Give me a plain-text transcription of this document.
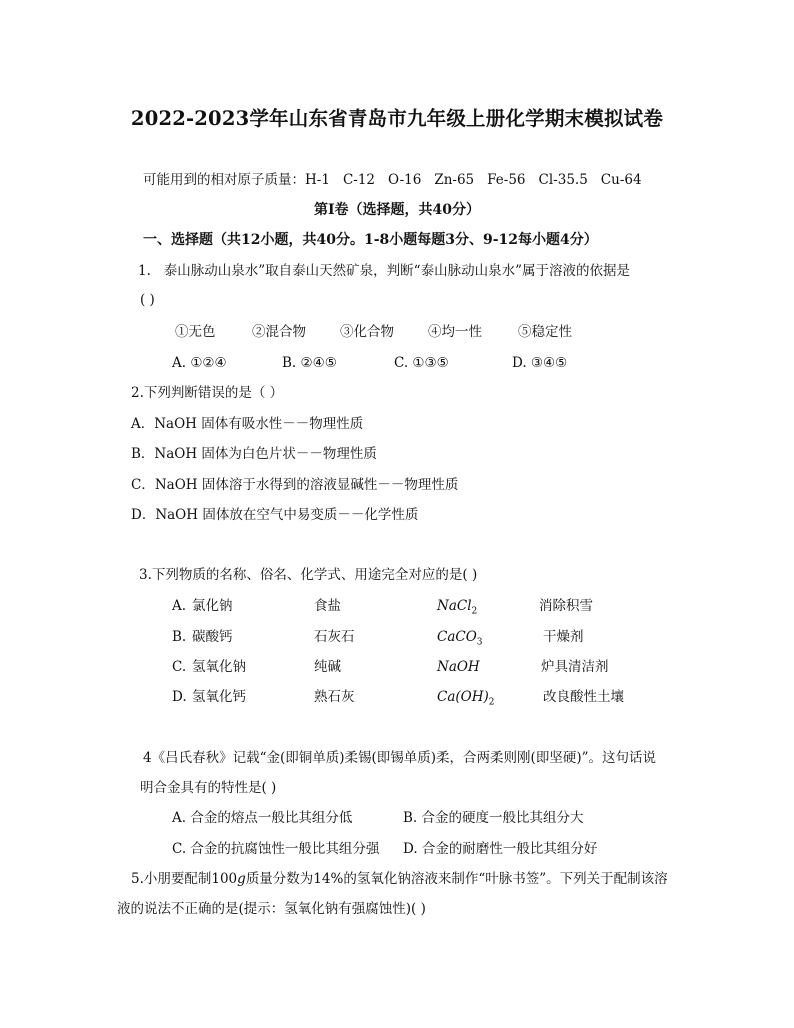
2022-2023学年山东省青岛市九年级上册化学期末模拟试卷
可能用到的相对原子质量：H-1 C-12 O-16 Zn-65 Fe-56 Cl-35.5 Cu-64
第Ⅰ卷（选择题，共40分）
一、选择题（共12小题，共40分。1-8小题每题3分、9-12每小题4分）
1. 泰山脉动山泉水”取自泰山天然矿泉，判断“泰山脉动山泉水”属于溶液的依据是
( )
①无色	②混合物	③化合物	④均一性	⑤稳定性
A. ①②④	B. ②④⑤	C. ①③⑤	D. ③④⑤
2.下列判断错误的是（ ）
A．NaOH 固体有吸水性－－物理性质
B．NaOH 固体为白色片状－－物理性质
C．NaOH 固体溶于水得到的溶液显碱性－－物理性质
D．NaOH 固体放在空气中易变质－－化学性质
3.下列物质的名称、俗名、化学式、用途完全对应的是( )
A. 氯化钠	食盐	NaCl$_2$	消除积雪
B. 碳酸钙	石灰石	CaCO$_3$	干燥剂
C. 氢氧化钠	纯碱	NaOH	炉具清洁剂
D. 氢氧化钙	熟石灰	$Ca(OH)_2$	改良酸性土壤
4《吕氏春秋》记载“金(即铜单质)柔锡(即锡单质)柔，合两柔则刚(即坚硬)”。这句话说
明合金具有的特性是( )
A. 合金的熔点一般比其组分低	B. 合金的硬度一般比其组分大
C. 合金的抗腐蚀性一般比其组分强 D. 合金的耐磨性一般比其组分好
5.小朋要配制100g质量分数为14%的氢氧化钠溶液来制作“叶脉书签”。下列关于配制该溶
液的说法不正确的是(提示：氢氧化钠有强腐蚀性)( )
